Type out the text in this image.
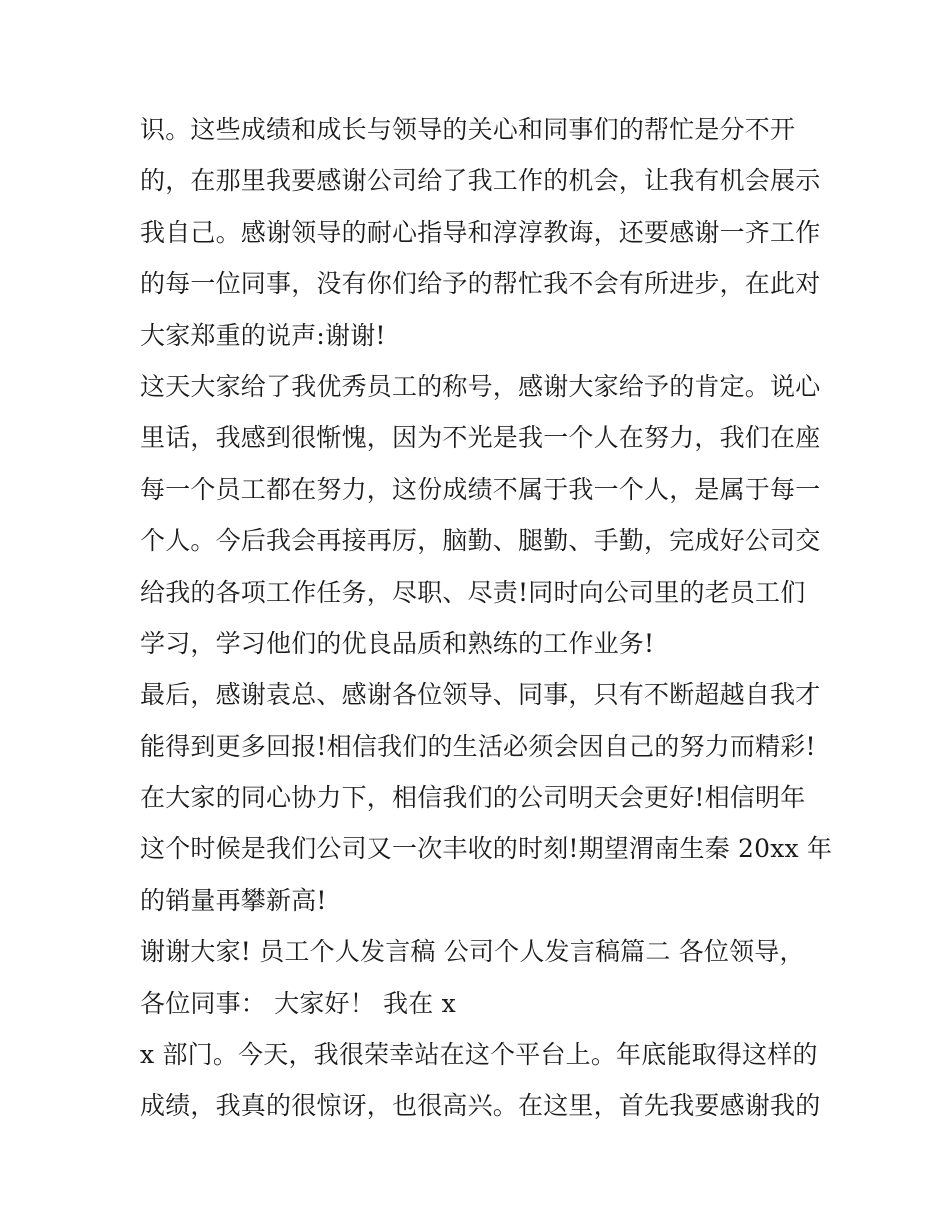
识。这些成绩和成长与领导的关心和同事们的帮忙是分不开
的，在那里我要感谢公司给了我工作的机会，让我有机会展示
我自己。感谢领导的耐心指导和淳淳教诲，还要感谢一齐工作
的每一位同事，没有你们给予的帮忙我不会有所进步，在此对
大家郑重的说声:谢谢!
这天大家给了我优秀员工的称号，感谢大家给予的肯定。说心
里话，我感到很惭愧，因为不光是我一个人在努力，我们在座
每一个员工都在努力，这份成绩不属于我一个人，是属于每一
个人。今后我会再接再厉，脑勤、腿勤、手勤，完成好公司交
给我的各项工作任务，尽职、尽责!同时向公司里的老员工们
学习，学习他们的优良品质和熟练的工作业务!
最后，感谢袁总、感谢各位领导、同事，只有不断超越自我才
能得到更多回报!相信我们的生活必须会因自己的努力而精彩!
在大家的同心协力下，相信我们的公司明天会更好!相信明年
这个时候是我们公司又一次丰收的时刻!期望渭南生秦 20xx 年
的销量再攀新高!
谢谢大家! 员工个人发言稿 公司个人发言稿篇二 各位领导，
各位同事： 大家好！ 我在 x
x 部门。今天，我很荣幸站在这个平台上。年底能取得这样的
成绩，我真的很惊讶，也很高兴。在这里，首先我要感谢我的
